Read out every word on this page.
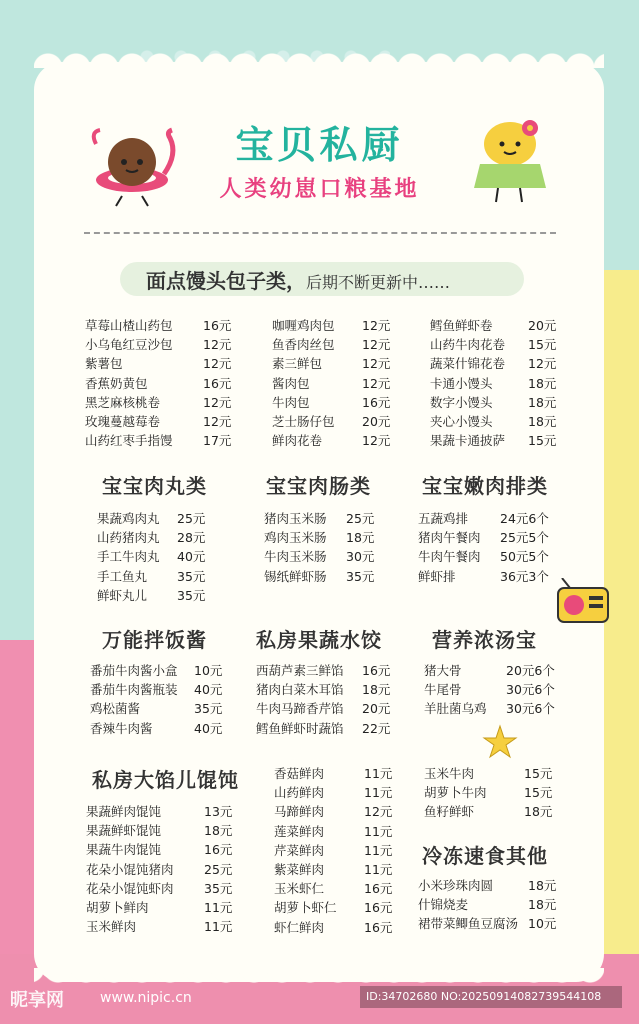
宝贝私厨
人类幼崽口粮基地
面点馒头包子类，后期不断更新中……
草莓山楂山药包 16元
小乌龟红豆沙包 12元
紫薯包	12元
香蕉奶黄包	16元
黑芝麻核桃卷	12元
玫瑰蔓越莓卷	12元
山药红枣手指馒 17元
咖喱鸡肉包 12元
鱼香肉丝包 12元
素三鲜包	12元
酱肉包	12元
牛肉包	16元
芝士肠仔包 20元
鲜肉花卷	12元
鳕鱼鲜虾卷	20元
山药牛肉花卷 15元
蔬菜什锦花卷 12元
卡通小馒头	18元
数字小馒头	18元
夹心小馒头	18元
果蔬卡通披萨 15元
宝宝肉丸类	宝宝肉肠类	宝宝嫩肉排类
果蔬鸡肉丸 25元
山药猪肉丸 28元
手工牛肉丸 40元
手工鱼丸 35元
鲜虾丸儿 35元
猪肉玉米肠 25元
鸡肉玉米肠 18元
牛肉玉米肠 30元
锡纸鲜虾肠 35元
五蔬鸡排	24元6个
猪肉午餐肉 25元5个
牛肉午餐肉 50元5个
鲜虾排	36元3个
万能拌饭酱 私房果蔬水饺	营养浓汤宝
番茄牛肉酱小盒 10元
番茄牛肉酱瓶装 40元
鸡松菌酱	35元
香辣牛肉酱	40元
西葫芦素三鲜馅 16元
猪肉白菜木耳馅 18元
牛肉马蹄香芹馅 20元
鳕鱼鲜虾时蔬馅 22元
猪大骨	20元6个
牛尾骨	30元6个
羊肚菌乌鸡 30元6个
私房大馅儿馄饨
果蔬鲜肉馄饨	13元
果蔬鲜虾馄饨	18元
果蔬牛肉馄饨	16元
花朵小馄饨猪肉 25元
花朵小馄饨虾肉 35元
胡萝卜鲜肉	11元
玉米鲜肉	11元
香菇鲜肉	11元
山药鲜肉	11元
马蹄鲜肉	12元
莲菜鲜肉	11元
芹菜鲜肉	11元
紫菜鲜肉	11元
玉米虾仁	16元
胡萝卜虾仁 16元
虾仁鲜肉	16元
玉米牛肉	15元
胡萝卜牛肉	15元
鱼籽鲜虾	18元
冷冻速食其他
小米珍珠肉圆	18元
什锦烧麦	18元
裙带菜鲫鱼豆腐汤 10元
昵享网	www.nipic.cn	ID:34702680 NO:20250914082739544108
